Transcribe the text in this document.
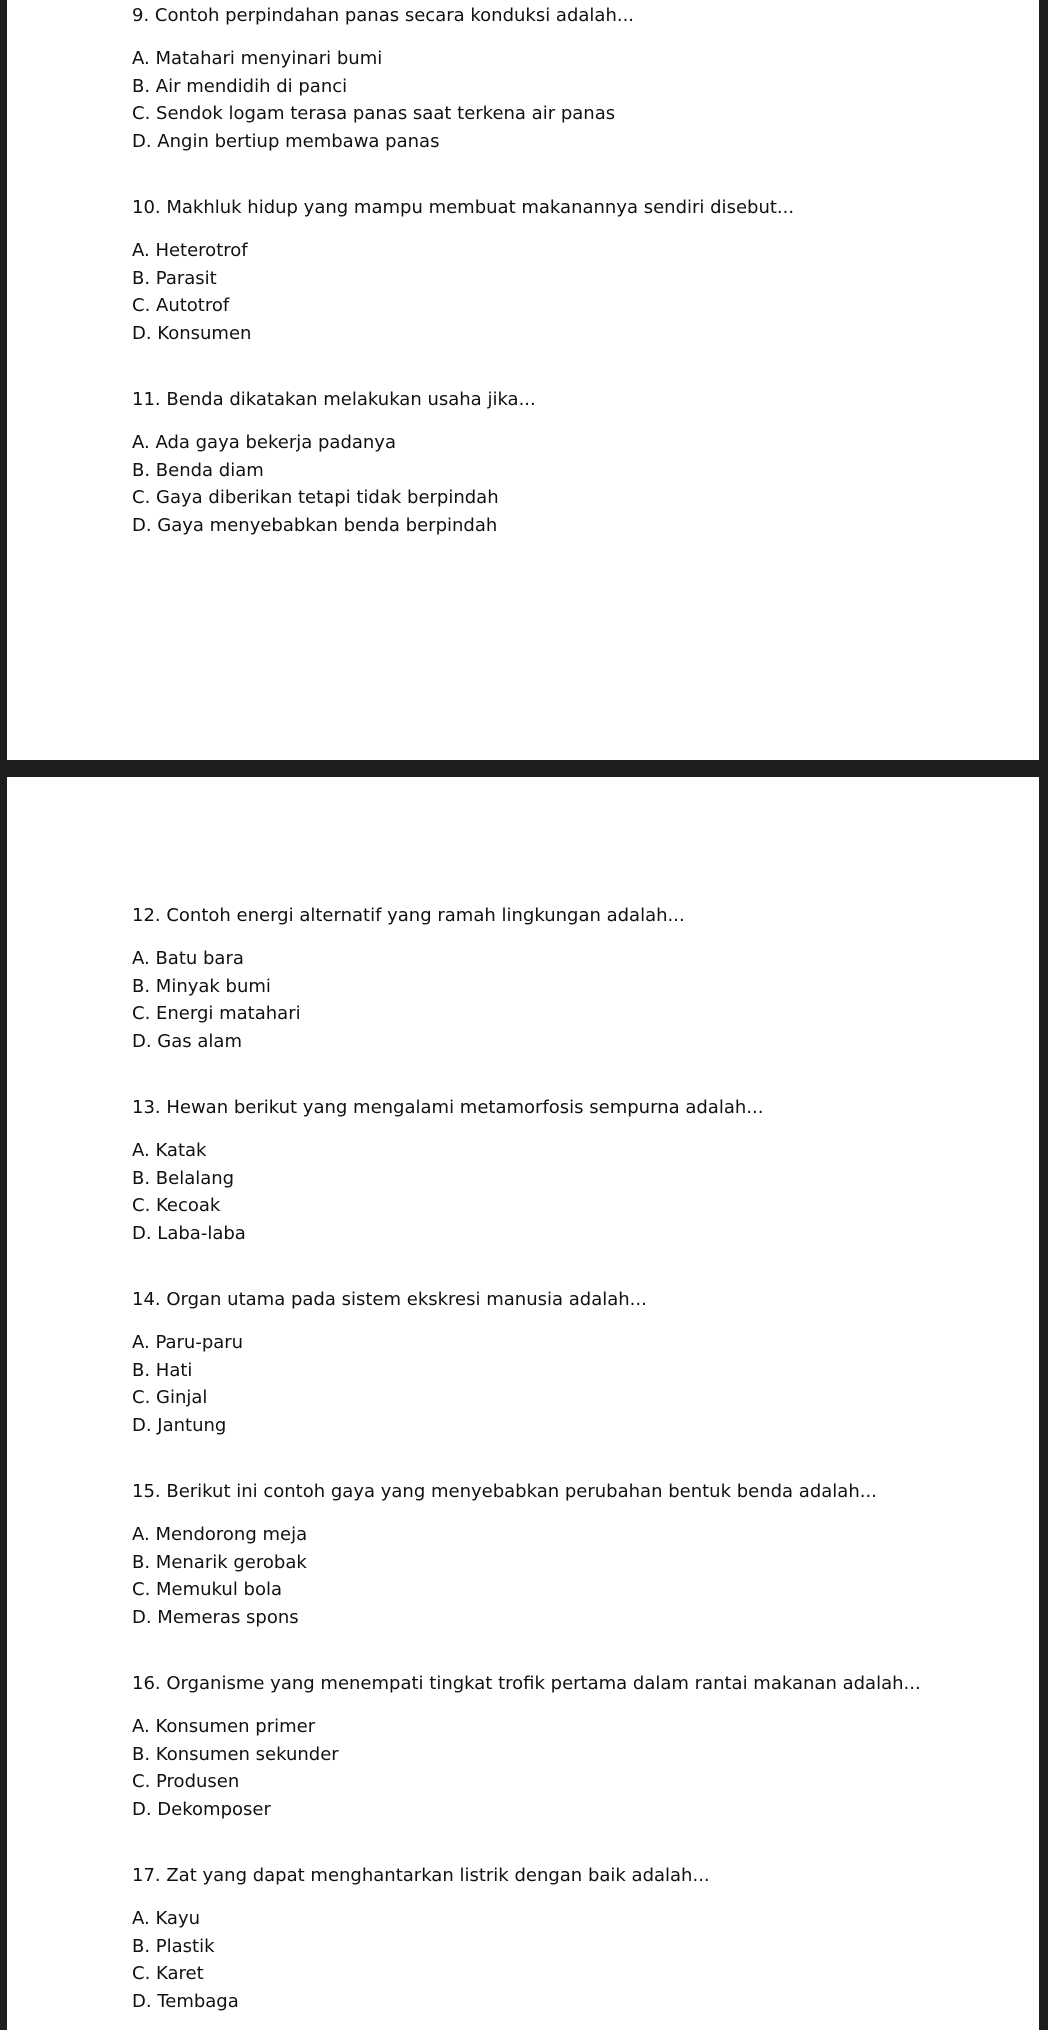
9. Contoh perpindahan panas secara konduksi adalah...
A. Matahari menyinari bumi
B. Air mendidih di panci
C. Sendok logam terasa panas saat terkena air panas
D. Angin bertiup membawa panas
10. Makhluk hidup yang mampu membuat makanannya sendiri disebut...
A. Heterotrof
B. Parasit
C. Autotrof
D. Konsumen
11. Benda dikatakan melakukan usaha jika...
A. Ada gaya bekerja padanya
B. Benda diam
C. Gaya diberikan tetapi tidak berpindah
D. Gaya menyebabkan benda berpindah
12. Contoh energi alternatif yang ramah lingkungan adalah...
A. Batu bara
B. Minyak bumi
C. Energi matahari
D. Gas alam
13. Hewan berikut yang mengalami metamorfosis sempurna adalah...
A. Katak
B. Belalang
C. Kecoak
D. Laba-laba
14. Organ utama pada sistem ekskresi manusia adalah...
A. Paru-paru
B. Hati
C. Ginjal
D. Jantung
15. Berikut ini contoh gaya yang menyebabkan perubahan bentuk benda adalah...
A. Mendorong meja
B. Menarik gerobak
C. Memukul bola
D. Memeras spons
16. Organisme yang menempati tingkat trofik pertama dalam rantai makanan adalah...
A. Konsumen primer
B. Konsumen sekunder
C. Produsen
D. Dekomposer
17. Zat yang dapat menghantarkan listrik dengan baik adalah...
A. Kayu
B. Plastik
C. Karet
D. Tembaga
